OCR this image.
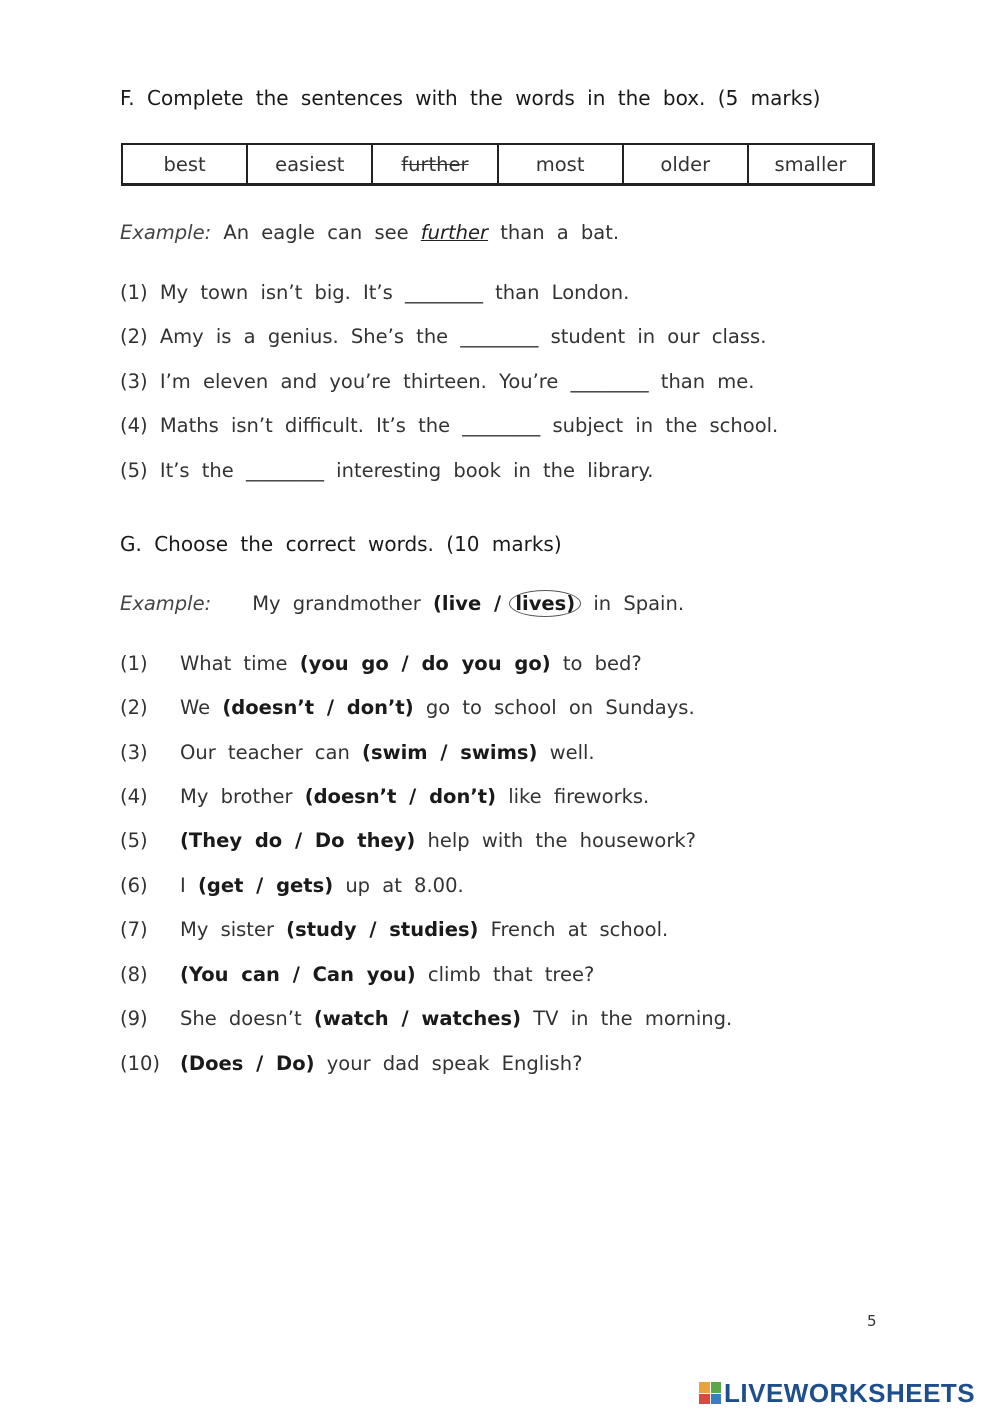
F. Complete the sentences with the words in the box. (5 marks)
best	easiest	further	most	older	smaller
Example: An eagle can see further than a bat.
(1) My town isn’t big. It’s ________ than London.
(2) Amy is a genius. She’s the ________ student in our class.
(3) I’m eleven and you’re thirteen. You’re ________ than me.
(4) Maths isn’t difficult. It’s the ________ subject in the school.
(5) It’s the ________ interesting book in the library.
G. Choose the correct words. (10 marks)
Example: My grandmother (live / lives) in Spain.
(1) What time (you go / do you go) to bed?
(2) We (doesn’t / don’t) go to school on Sundays.
(3) Our teacher can (swim / swims) well.
(4) My brother (doesn’t / don’t) like fireworks.
(5) (They do / Do they) help with the housework?
(6) I (get / gets) up at 8.00.
(7) My sister (study / studies) French at school.
(8) (You can / Can you) climb that tree?
(9) She doesn’t (watch / watches) TV in the morning.
(10) (Does / Do) your dad speak English?
5
LIVEWORKSHEETS
